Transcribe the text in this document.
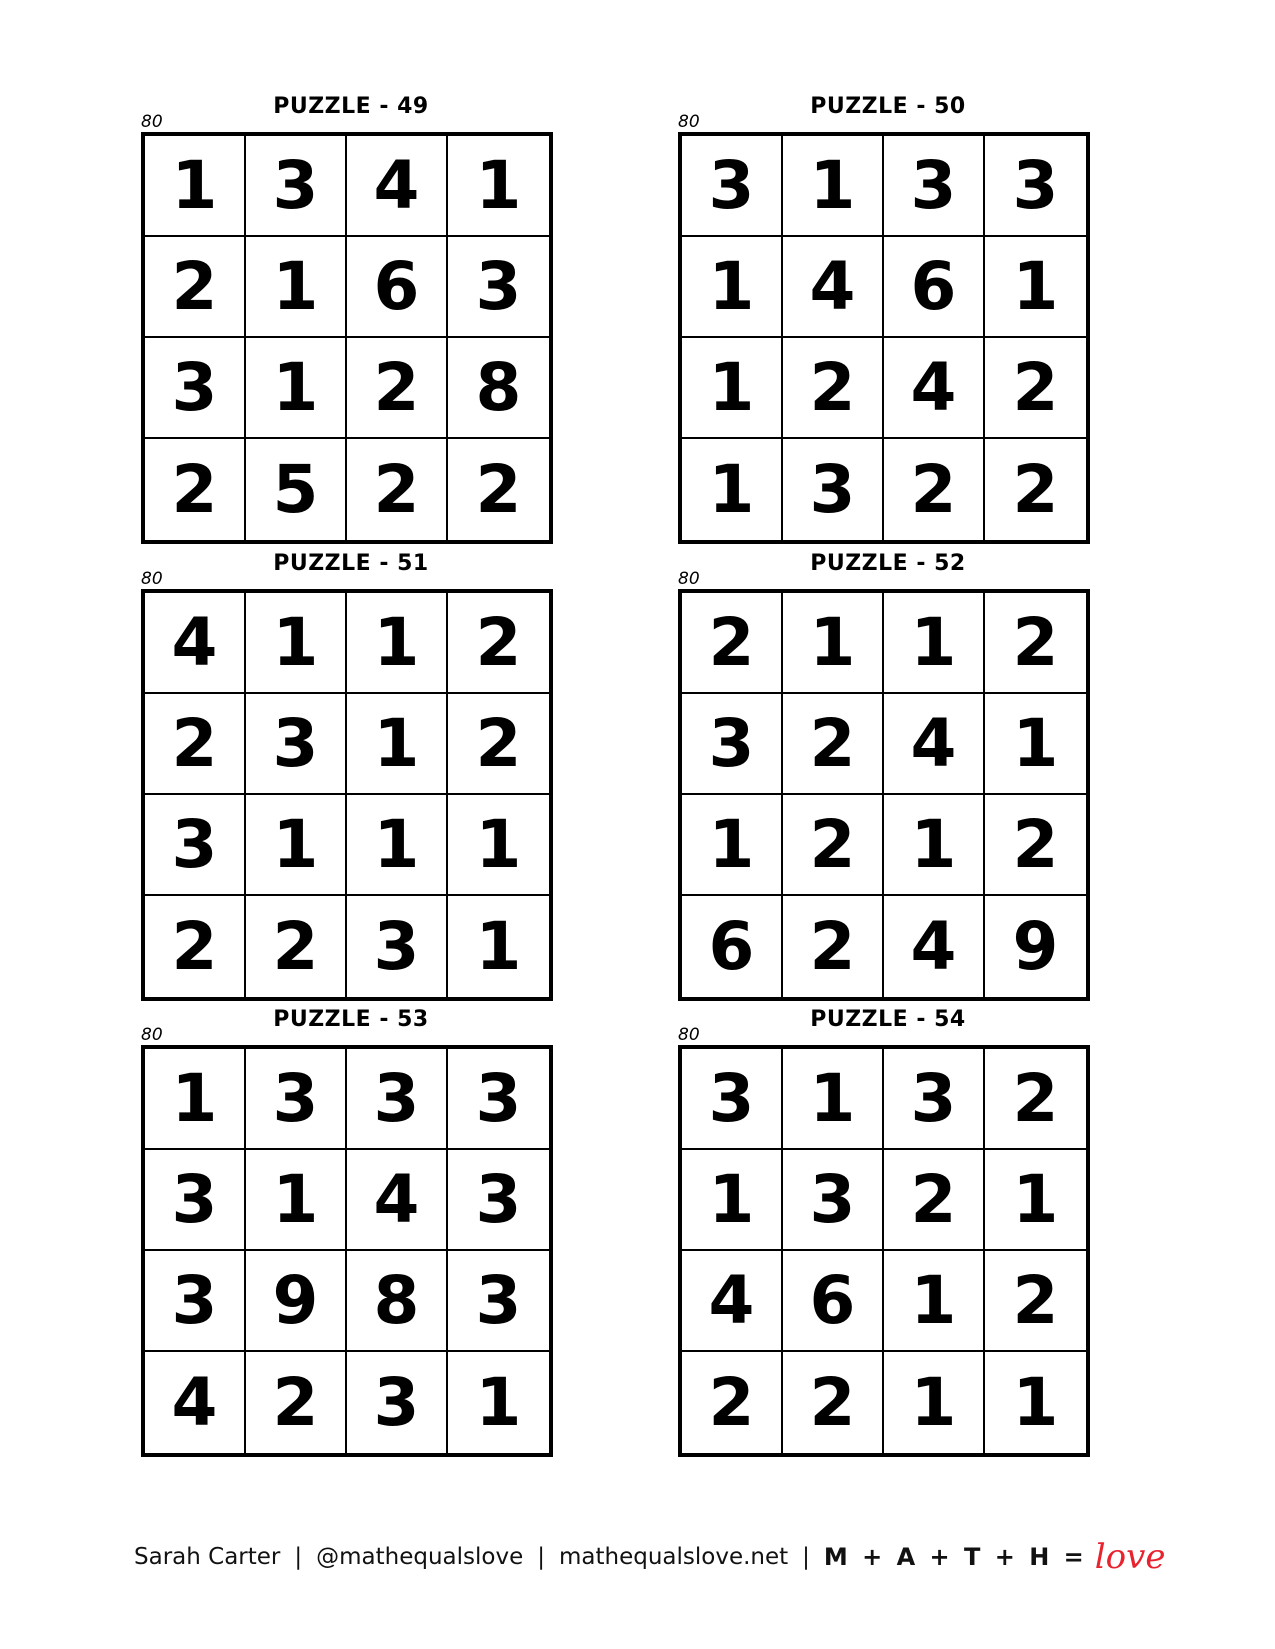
PUZZLE - 49
80
1 3 4 1
2 1 6 3
3 1 2 8
2 5 2 2
PUZZLE - 50
80
3 1 3 3
1 4 6 1
1 2 4 2
1 3 2 2
PUZZLE - 51
80
4 1 1 2
2 3 1 2
3 1 1 1
2 2 3 1
PUZZLE - 52
80
2 1 1 2
3 2 4 1
1 2 1 2
6 2 4 9
PUZZLE - 53
80
1 3 3 3
3 1 4 3
3 9 8 3
4 2 3 1
PUZZLE - 54
80
3 1 3 2
1 3 2 1
4 6 1 2
2 2 1 1
Sarah Carter | @mathequalslove | mathequalslove.net | M + A + T + H = love
